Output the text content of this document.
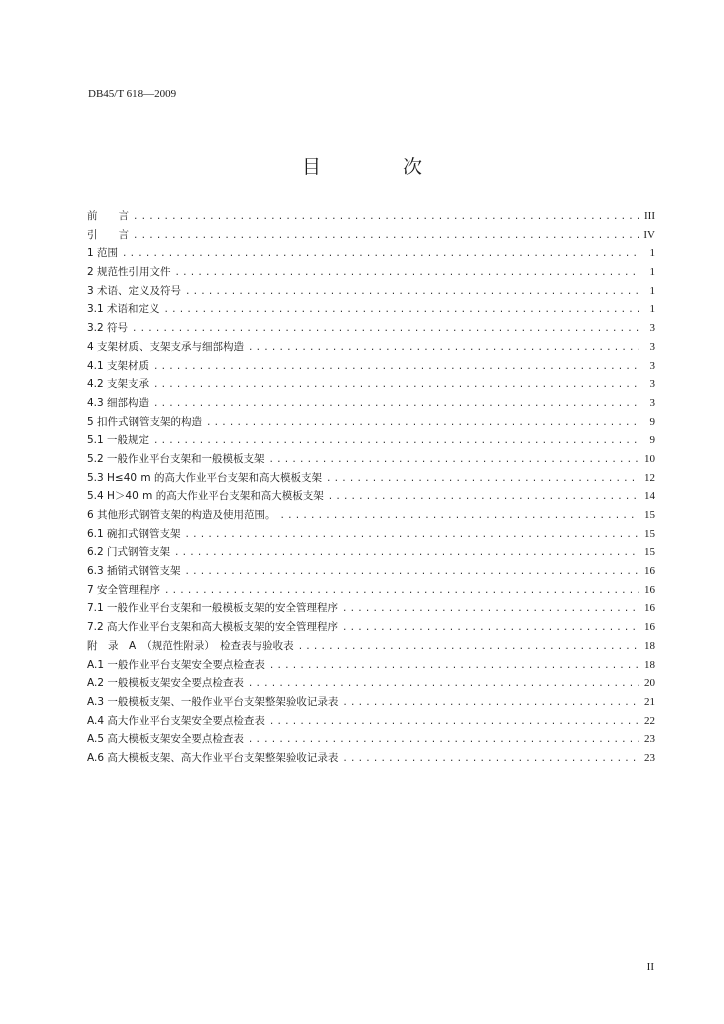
DB45/T 618—2009
目 次
前　　言 .....	III
引　　言 .....	IV
1 范围 .....	1
2 规范性引用文件 .....	1
3 术语、定义及符号 .....	1
3.1 术语和定义 .....	1
3.2 符号 .....	3
4 支架材质、支架支承与细部构造 .....	3
4.1 支架材质 .....	3
4.2 支架支承 .....	3
4.3 细部构造 .....	3
5 扣件式钢管支架的构造 .....	9
5.1 一般规定 .....	9
5.2 一般作业平台支架和一般模板支架 .....	10
5.3 H≤40 m 的高大作业平台支架和高大模板支架 .....	12
5.4 H＞40 m 的高大作业平台支架和高大模板支架 .....	14
6 其他形式钢管支架的构造及使用范围。 .....	15
6.1 碗扣式钢管支架 .....	15
6.2 门式钢管支架 .....	15
6.3 插销式钢管支架 .....	16
7 安全管理程序 .....	16
7.1 一般作业平台支架和一般模板支架的安全管理程序 .....	16
7.2 高大作业平台支架和高大模板支架的安全管理程序 .....	16
附　录　A　（规范性附录）　检查表与验收表 .....	18
A.1 一般作业平台支架安全要点检查表 .....	18
A.2 一般模板支架安全要点检查表 .....	20
A.3 一般模板支架、一般作业平台支架整架验收记录表 .....	21
A.4 高大作业平台支架安全要点检查表 .....	22
A.5 高大模板支架安全要点检查表 .....	23
A.6 高大模板支架、高大作业平台支架整架验收记录表 .....	23
II
